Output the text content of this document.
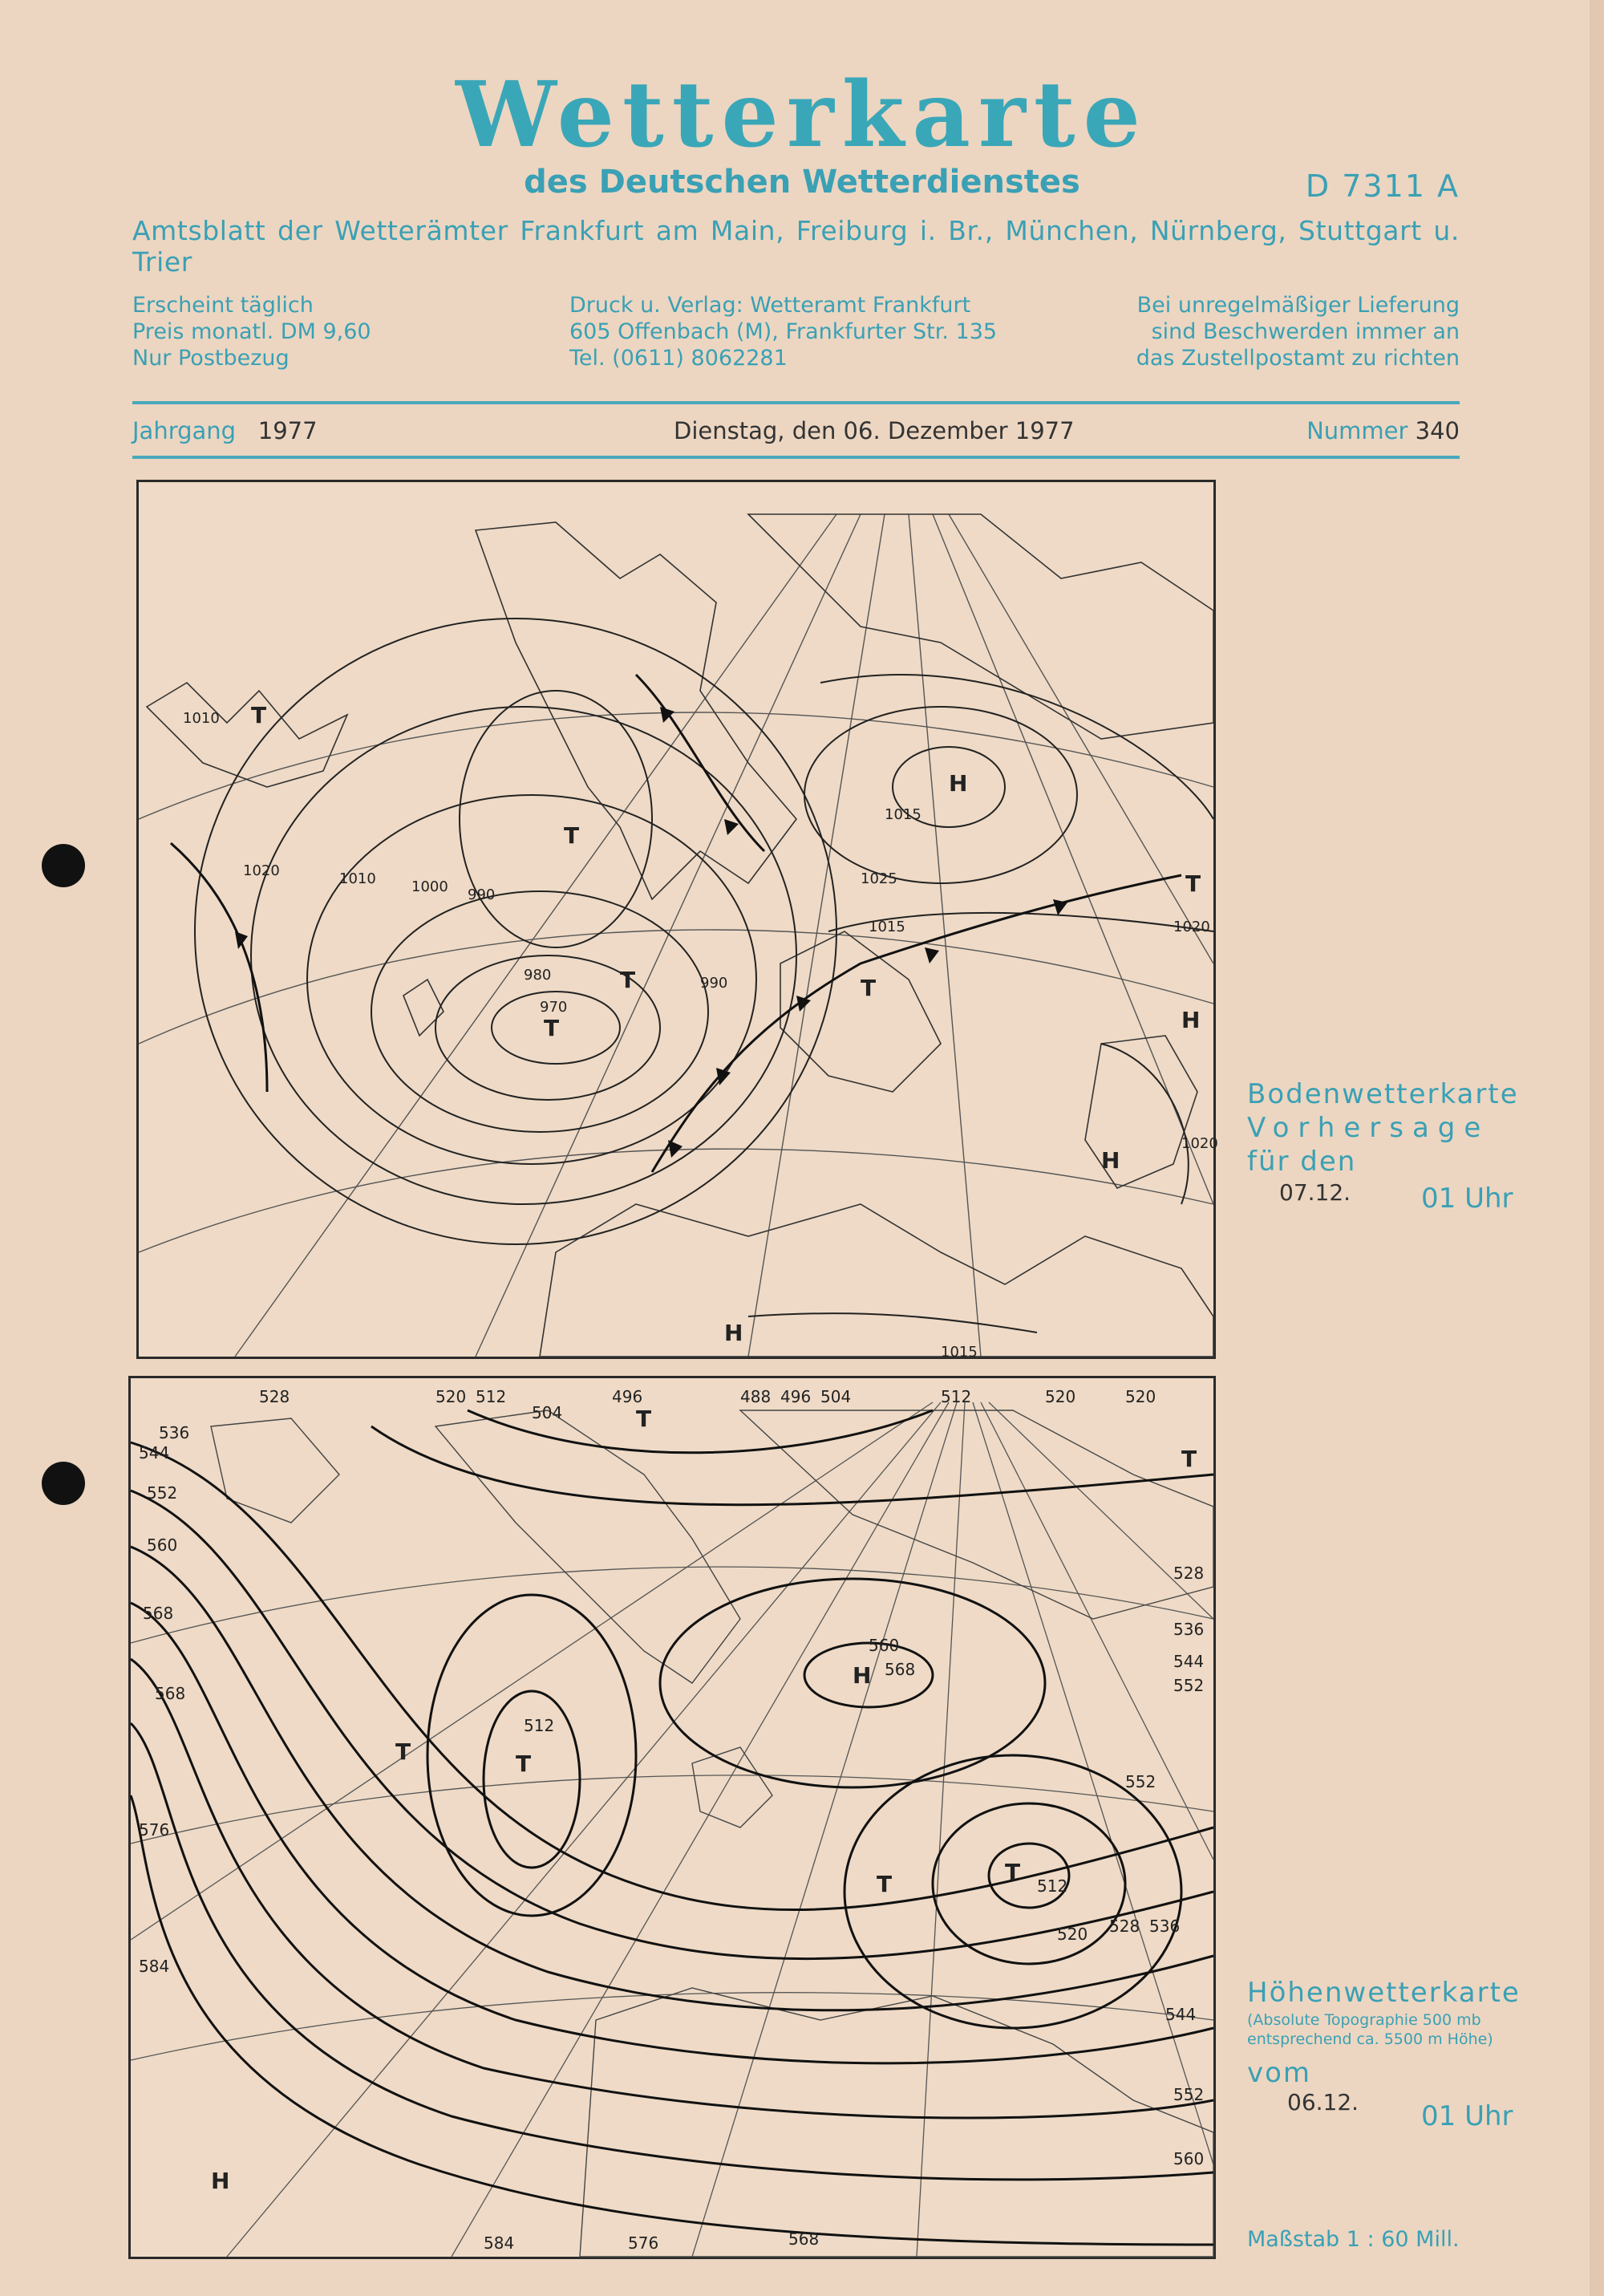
Wetterkarte
des Deutschen Wetterdienstes	D 7311 A
Amtsblatt der Wetterämter Frankfurt am Main, Freiburg i. Br., München, Nürnberg, Stuttgart u. Trier
Erscheint täglich
Preis monatl. DM 9,60
Nur Postbezug
Druck u. Verlag: Wetteramt Frankfurt
605 Offenbach (M), Frankfurter Str. 135
Tel. (0611) 8062281
Bei unregelmäßiger Lieferung
sind Beschwerden immer an
das Zustellpostamt zu richten
Jahrgang 1977	Dienstag, den 06. Dezember 1977	Nummer 340
1010
1020	1010 1000 990
980
970
1015
1025
1015
1020
1020
1015
990
T
T
T
T
H
H
H
H
T
T
Bodenwetterkarte
Vorhersage
für den
07.12.	01 Uhr
528	520 512
504
496	488 496 504	512	520	520
536
544
552
560
568
576
584
528
536
544
552
552
544
552
560
560
568
512
512
520 528 536
568
584	576	568
T
T	T
T
H
T
H
T
Höhenwetterkarte
(Absolute Topographie 500 mb
entsprechend ca. 5500 m Höhe)
vom
06.12. 01 Uhr
Maßstab 1 : 60 Mill.
